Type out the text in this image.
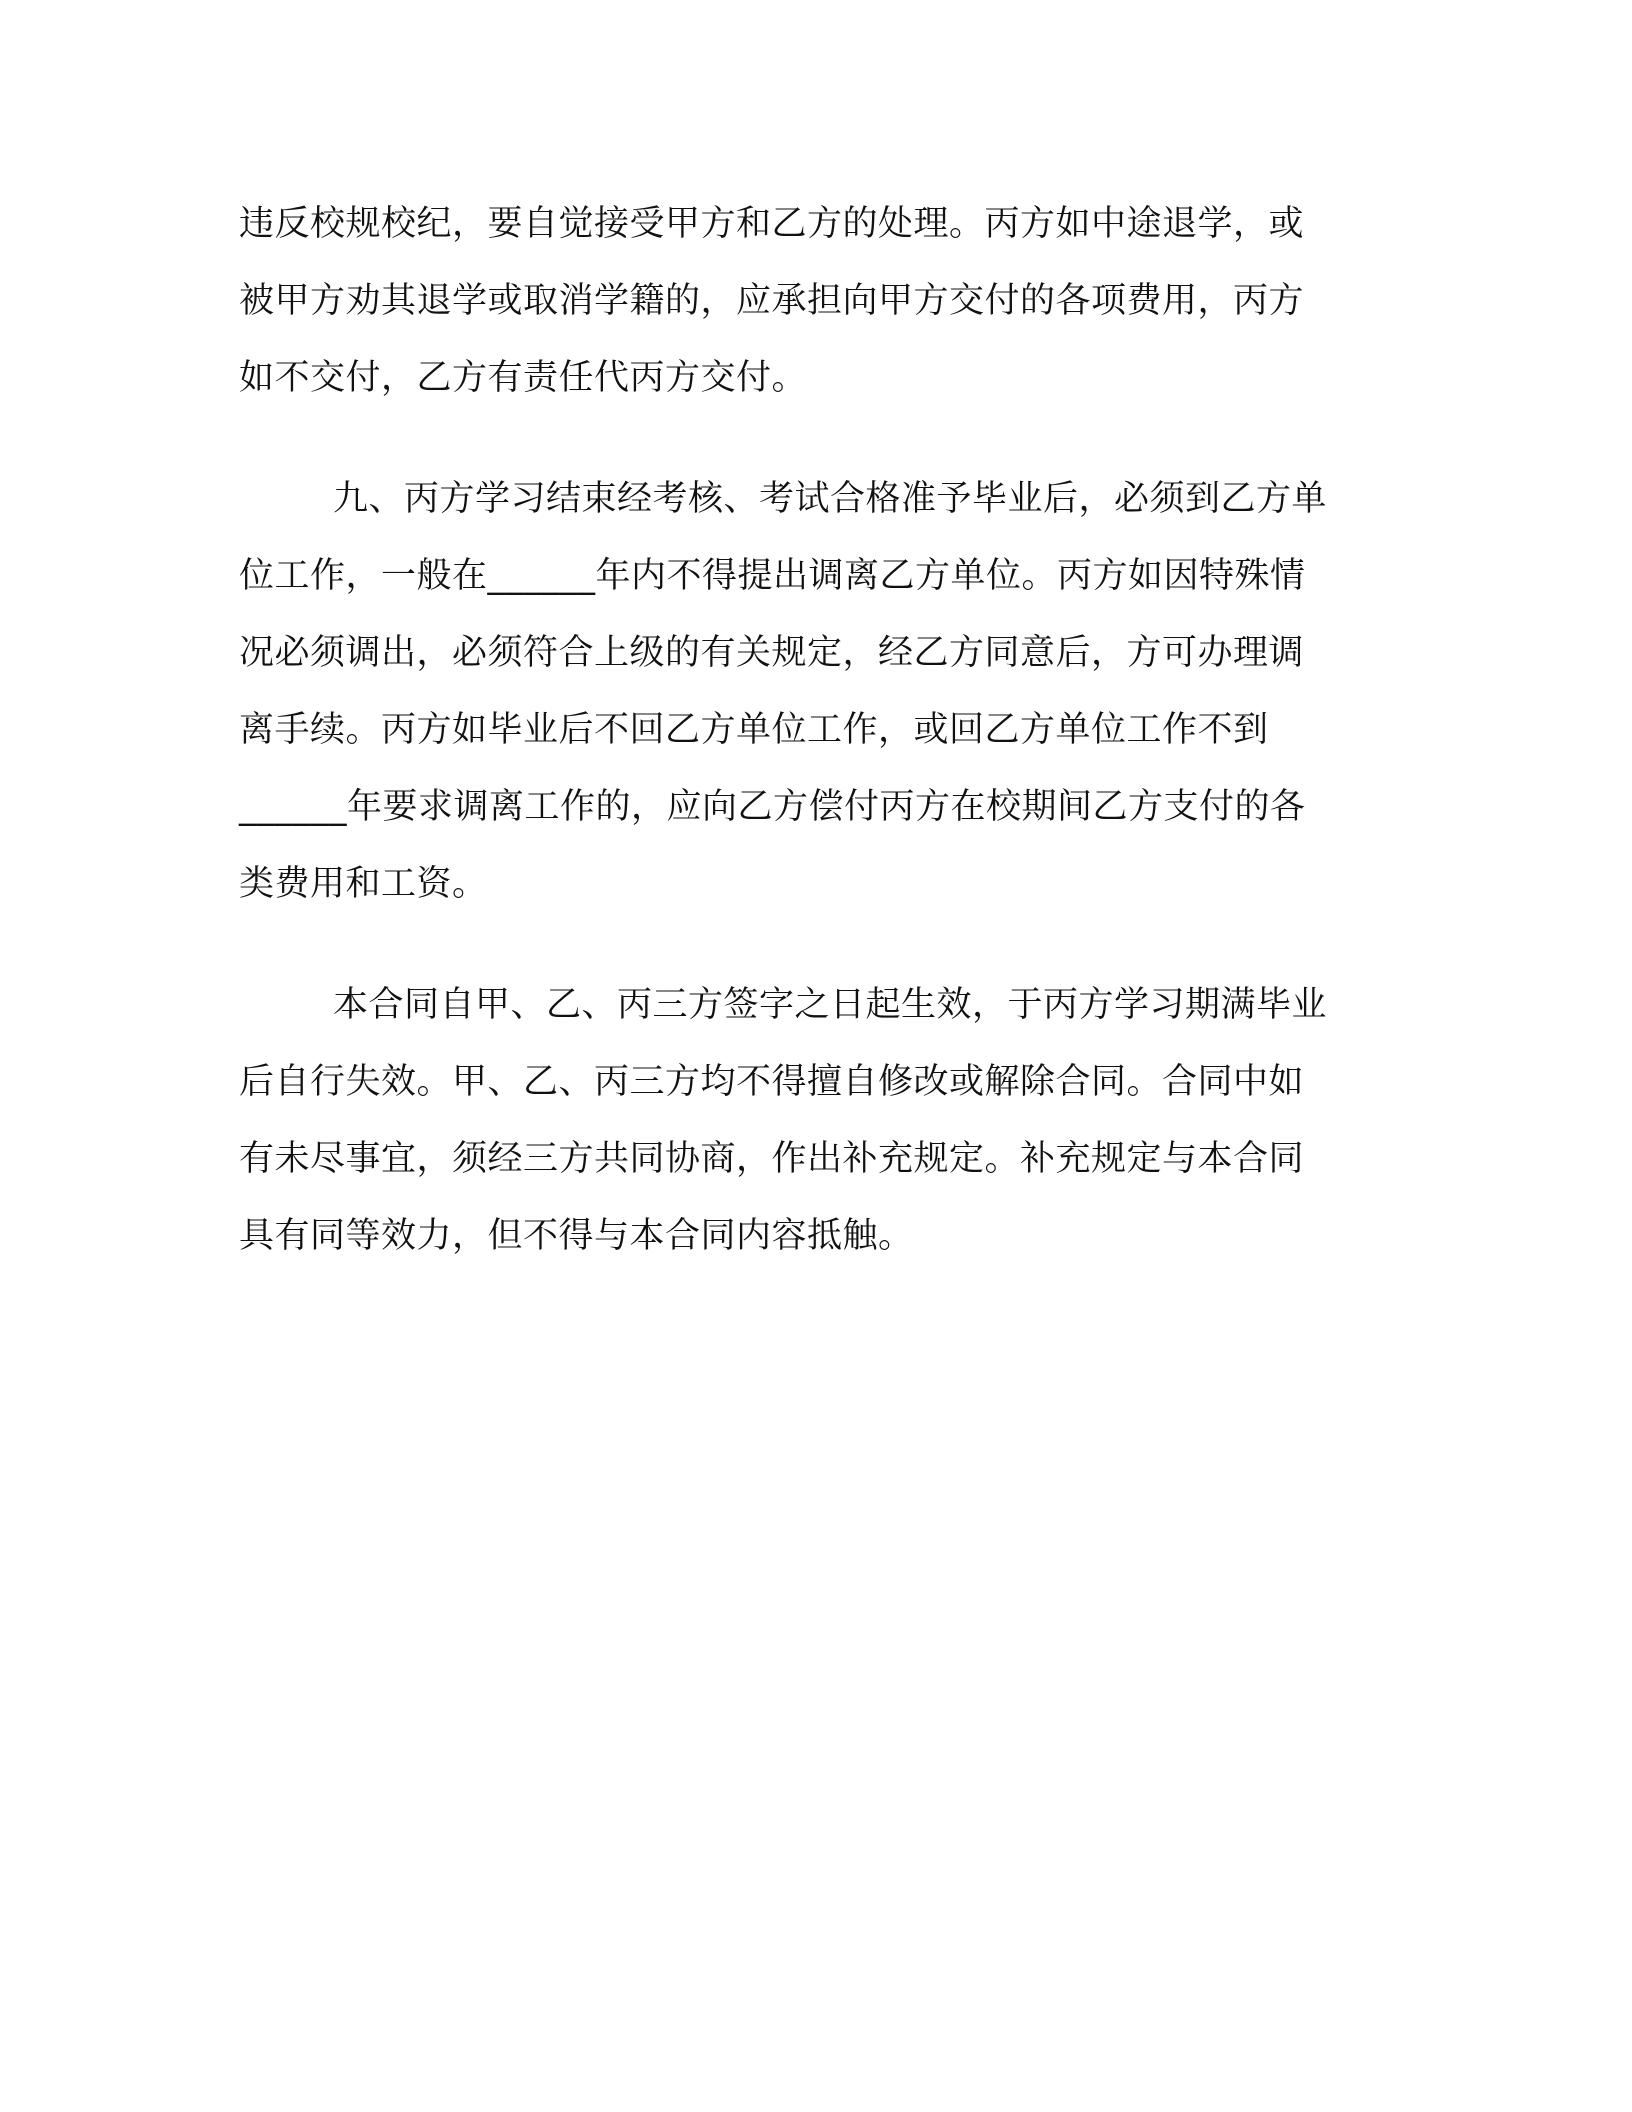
违反校规校纪，要自觉接受甲方和乙方的处理。丙方如中途退学，或
被甲方劝其退学或取消学籍的，应承担向甲方交付的各项费用，丙方
如不交付，乙方有责任代丙方交付。
九、丙方学习结束经考核、考试合格准予毕业后，必须到乙方单
位工作，一般在______年内不得提出调离乙方单位。丙方如因特殊情
况必须调出，必须符合上级的有关规定，经乙方同意后，方可办理调
离手续。丙方如毕业后不回乙方单位工作，或回乙方单位工作不到
______年要求调离工作的，应向乙方偿付丙方在校期间乙方支付的各
类费用和工资。
本合同自甲、乙、丙三方签字之日起生效，于丙方学习期满毕业
后自行失效。甲、乙、丙三方均不得擅自修改或解除合同。合同中如
有未尽事宜，须经三方共同协商，作出补充规定。补充规定与本合同
具有同等效力，但不得与本合同内容抵触。
